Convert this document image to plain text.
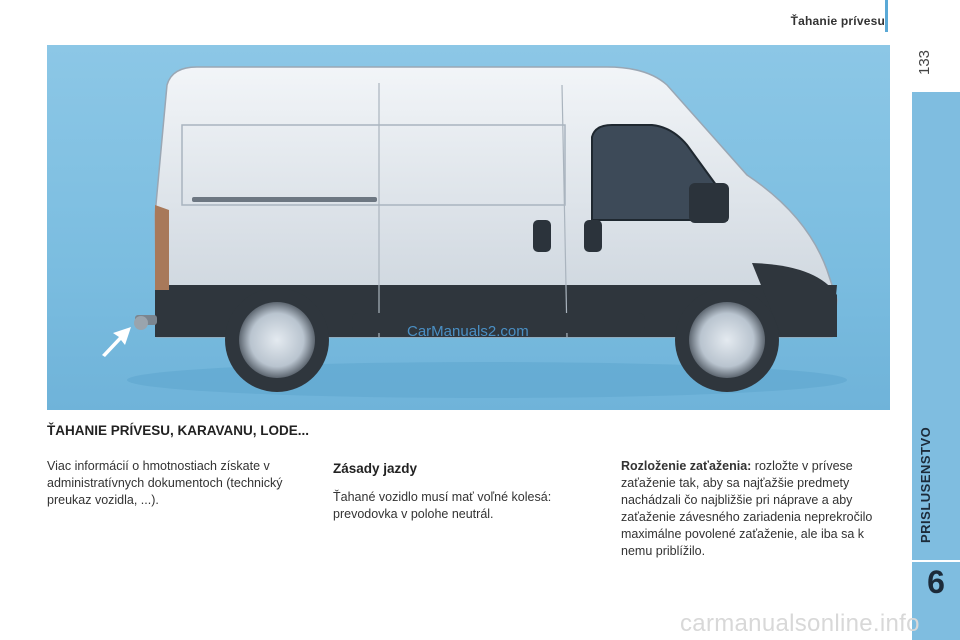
Ťahanie prívesu
133
PRISLUSENSTVO
6
CarManuals2.com
ŤAHANIE PRÍVESU, KARAVANU, LODE...
Viac informácií o hmotnostiach získate v administratívnych dokumentoch (technický preukaz vozidla, ...).
Zásady jazdy
Ťahané vozidlo musí mať voľné kolesá: prevodovka v polohe neutrál.
Rozloženie zaťaženia: rozložte v prívese zaťaženie tak, aby sa najťažšie predmety nachádzali čo najbližšie pri náprave a aby zaťaženie závesného zariadenia neprekročilo maximálne povolené zaťaženie, ale iba sa k nemu priblížilo.
carmanualsonline.info
